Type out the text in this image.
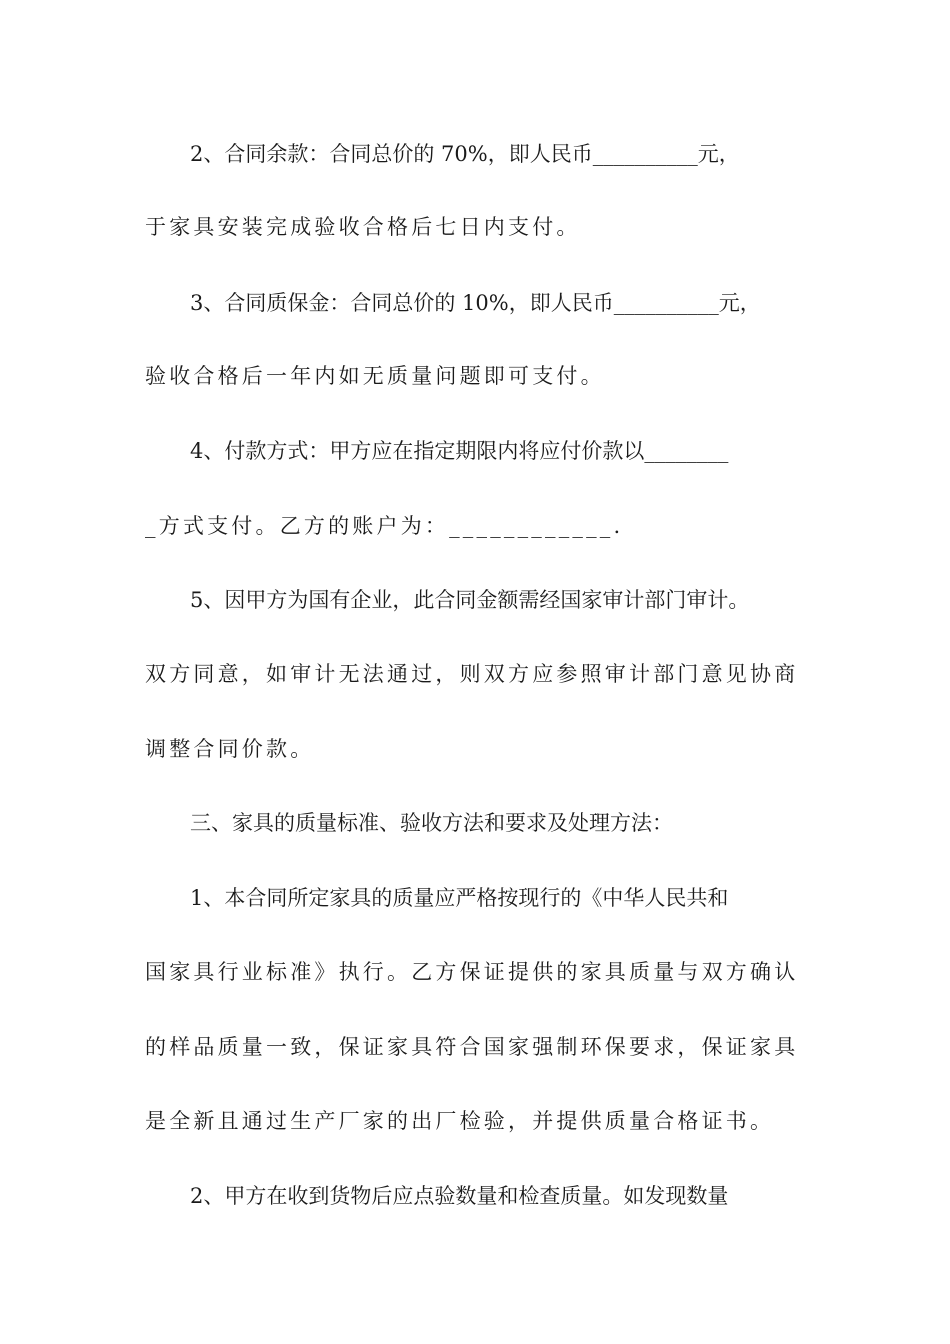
2、合同余款：合同总价的 70%，即人民币__________元，
于家具安装完成验收合格后七日内支付。
3、合同质保金：合同总价的 10%，即人民币__________元，
验收合格后一年内如无质量问题即可支付。
4、付款方式：甲方应在指定期限内将应付价款以________
_方式支付。乙方的账户为：____________.
5、因甲方为国有企业，此合同金额需经国家审计部门审计。
双方同意，如审计无法通过，则双方应参照审计部门意见协商
调整合同价款。
三、家具的质量标准、验收方法和要求及处理方法：
1、本合同所定家具的质量应严格按现行的《中华人民共和
国家具行业标准》执行。乙方保证提供的家具质量与双方确认
的样品质量一致，保证家具符合国家强制环保要求，保证家具
是全新且通过生产厂家的出厂检验，并提供质量合格证书。
2、甲方在收到货物后应点验数量和检查质量。如发现数量
